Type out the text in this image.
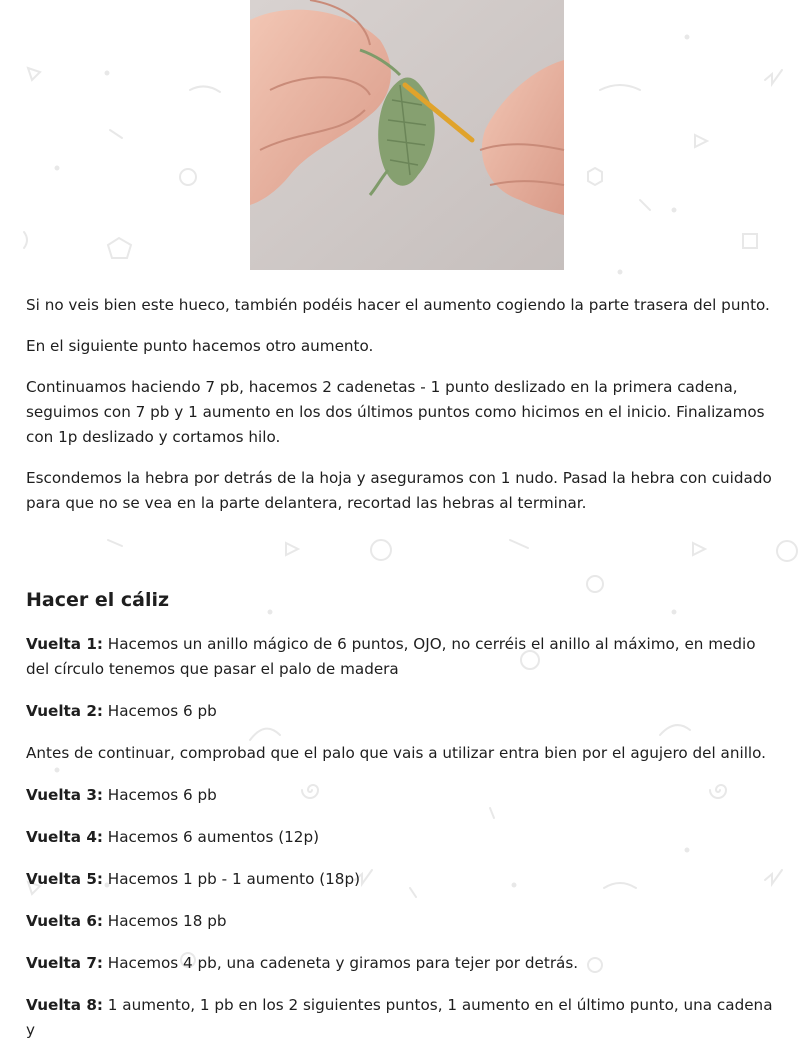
Si no veis bien este hueco, también podéis hacer el aumento cogiendo la parte trasera del punto.

En el siguiente punto hacemos otro aumento.

Continuamos haciendo 7 pb, hacemos 2 cadenetas - 1 punto deslizado en la primera cadena, seguimos con 7 pb y 1 aumento en los dos últimos puntos como hicimos en el inicio. Finalizamos con 1p deslizado y cortamos hilo.

Escondemos la hebra por detrás de la hoja y aseguramos con 1 nudo. Pasad la hebra con cuidado para que no se vea en la parte delantera, recortad las hebras al terminar.

Hacer el cáliz

Vuelta 1: Hacemos un anillo mágico de 6 puntos, OJO, no cerréis el anillo al máximo, en medio del círculo tenemos que pasar el palo de madera

Vuelta 2: Hacemos 6 pb

Antes de continuar, comprobad que el palo que vais a utilizar entra bien por el agujero del anillo.

Vuelta 3: Hacemos 6 pb

Vuelta 4: Hacemos 6 aumentos (12p)

Vuelta 5: Hacemos 1 pb - 1 aumento (18p)

Vuelta 6: Hacemos 18 pb

Vuelta 7: Hacemos 4 pb, una cadeneta y giramos para tejer por detrás.

Vuelta 8: 1 aumento, 1 pb en los 2 siguientes puntos, 1 aumento en el último punto, una cadena y
